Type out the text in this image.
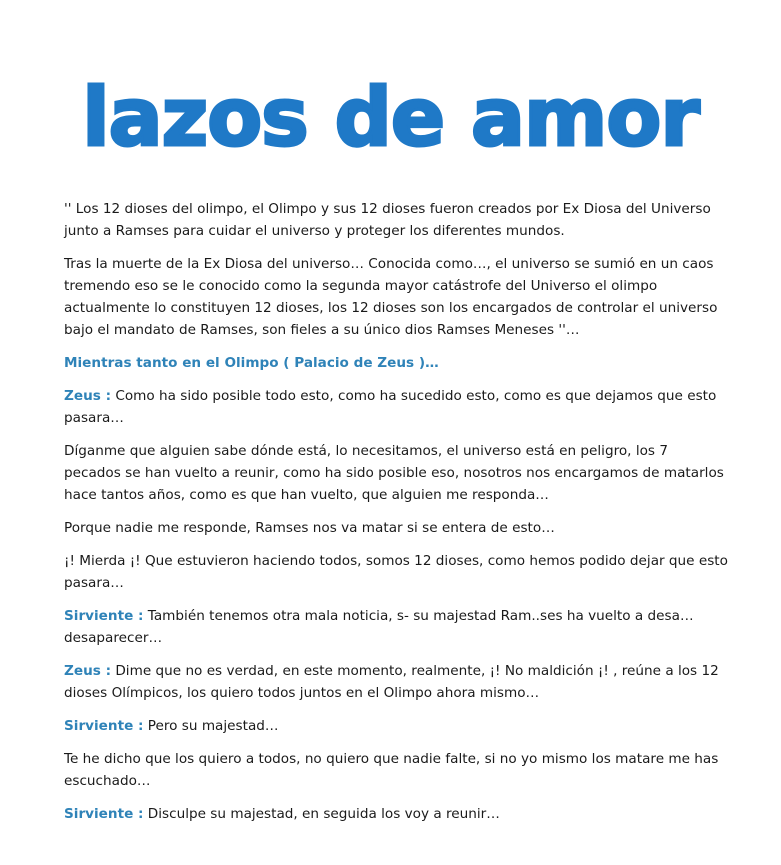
lazos de amor

'' Los 12 dioses del olimpo, el Olimpo y sus 12 dioses fueron creados por Ex Diosa del Universo junto a Ramses para cuidar el universo y proteger los diferentes mundos.

Tras la muerte de la Ex Diosa del universo… Conocida como…, el universo se sumió en un caos tremendo eso se le conocido como la segunda mayor catástrofe del Universo el olimpo actualmente lo constituyen 12 dioses, los 12 dioses son los encargados de controlar el universo bajo el mandato de Ramses, son fieles a su único dios Ramses Meneses ''…

Mientras tanto en el Olimpo ( Palacio de Zeus )…

Zeus : Como ha sido posible todo esto, como ha sucedido esto, como es que dejamos que esto pasara…

Díganme que alguien sabe dónde está, lo necesitamos, el universo está en peligro, los 7 pecados se han vuelto a reunir, como ha sido posible eso, nosotros nos encargamos de matarlos hace tantos años, como es que han vuelto, que alguien me responda…

Porque nadie me responde, Ramses nos va matar si se entera de esto…

¡! Mierda ¡! Que estuvieron haciendo todos, somos 12 dioses, como hemos podido dejar que esto pasara…

Sirviente : También tenemos otra mala noticia, s- su majestad Ram..ses ha vuelto a desa… desaparecer…

Zeus : Dime que no es verdad, en este momento, realmente, ¡! No maldición ¡! , reúne a los 12 dioses Olímpicos, los quiero todos juntos en el Olimpo ahora mismo…

Sirviente : Pero su majestad…

Te he dicho que los quiero a todos, no quiero que nadie falte, si no yo mismo los matare me has escuchado…

Sirviente : Disculpe su majestad, en seguida los voy a reunir…
